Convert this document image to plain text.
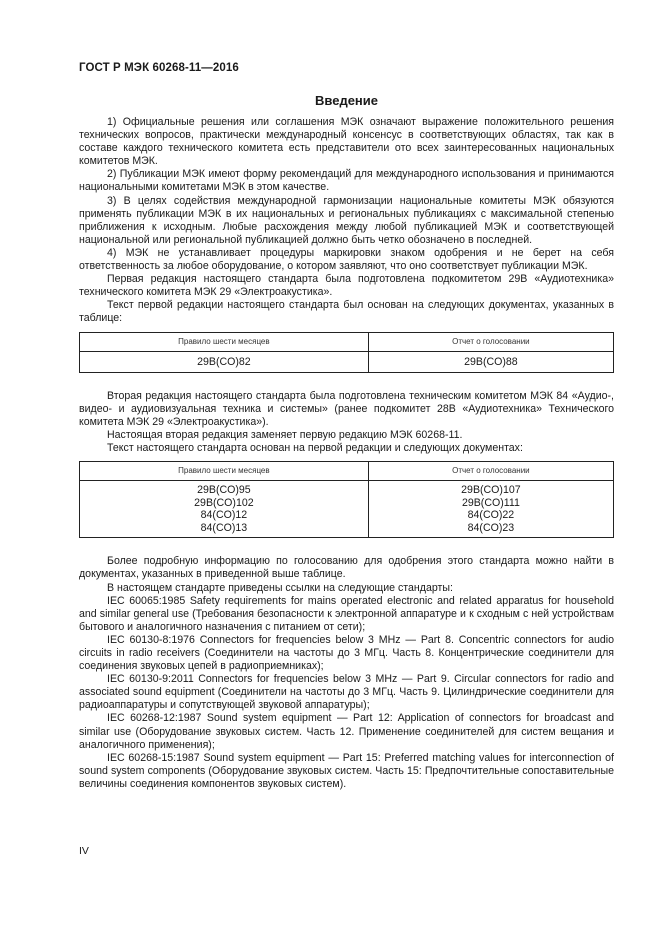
ГОСТ Р МЭК 60268-11—2016
Введение

1) Официальные решения или соглашения МЭК означают выражение положительного решения технических вопросов, практически международный консенсус в соответствующих областях, так как в составе каждого технического комитета есть представители ото всех заинтересованных национальных комитетов МЭК.

2) Публикации МЭК имеют форму рекомендаций для международного использования и принимаются национальными комитетами МЭК в этом качестве.

3) В целях содействия международной гармонизации национальные комитеты МЭК обязуются применять публикации МЭК в их национальных и региональных публикациях с максимальной степенью приближения к исходным. Любые расхождения между любой публикацией МЭК и соответствующей национальной или региональной публикацией должно быть четко обозначено в последней.

4) МЭК не устанавливает процедуры маркировки знаком одобрения и не берет на себя ответственность за любое оборудование, о котором заявляют, что оно соответствует публикации МЭК.

Первая редакция настоящего стандарта была подготовлена подкомитетом 29В «Аудиотехника» технического комитета МЭК 29 «Электроакустика».

Текст первой редакции настоящего стандарта был основан на следующих документах, указанных в таблице:

Правило шести месяцев	Отчет о голосовании
29B(CO)82	29B(CO)88

Вторая редакция настоящего стандарта была подготовлена техническим комитетом МЭК 84 «Аудио-, видео- и аудиовизуальная техника и системы» (ранее подкомитет 28B «Аудиотехника» Технического комитета МЭК 29 «Электроакустика»).

Настоящая вторая редакция заменяет первую редакцию МЭК 60268-11.

Текст настоящего стандарта основан на первой редакции и следующих документах:

Правило шести месяцев	Отчет о голосовании
29B(CO)95	29B(CO)107
29B(CO)102	29B(CO)111
84(CO)12	84(CO)22
84(CO)13	84(CO)23

Более подробную информацию по голосованию для одобрения этого стандарта можно найти в документах, указанных в приведенной выше таблице.

В настоящем стандарте приведены ссылки на следующие стандарты:

IEC 60065:1985 Safety requirements for mains operated electronic and related apparatus for household and similar general use (Требования безопасности к электронной аппаратуре и к сходным с ней устройствам бытового и аналогичного назначения с питанием от сети);

IEC 60130-8:1976 Connectors for frequencies below 3 MHz — Part 8. Concentric connectors for audio circuits in radio receivers (Соединители на частоты до 3 МГц. Часть 8. Концентрические соединители для соединения звуковых цепей в радиоприемниках);

IEC 60130-9:2011 Connectors for frequencies below 3 MHz — Part 9. Circular connectors for radio and associated sound equipment (Соединители на частоты до 3 МГц. Часть 9. Цилиндрические соединители для радиоаппаратуры и сопутствующей звуковой аппаратуры);

IEC 60268-12:1987 Sound system equipment — Part 12: Application of connectors for broadcast and similar use (Оборудование звуковых систем. Часть 12. Применение соединителей для систем вещания и аналогичного применения);

IEC 60268-15:1987 Sound system equipment — Part 15: Preferred matching values for interconnection of sound system components (Оборудование звуковых систем. Часть 15: Предпочтительные сопоставительные величины соединения компонентов звуковых систем).

IV
